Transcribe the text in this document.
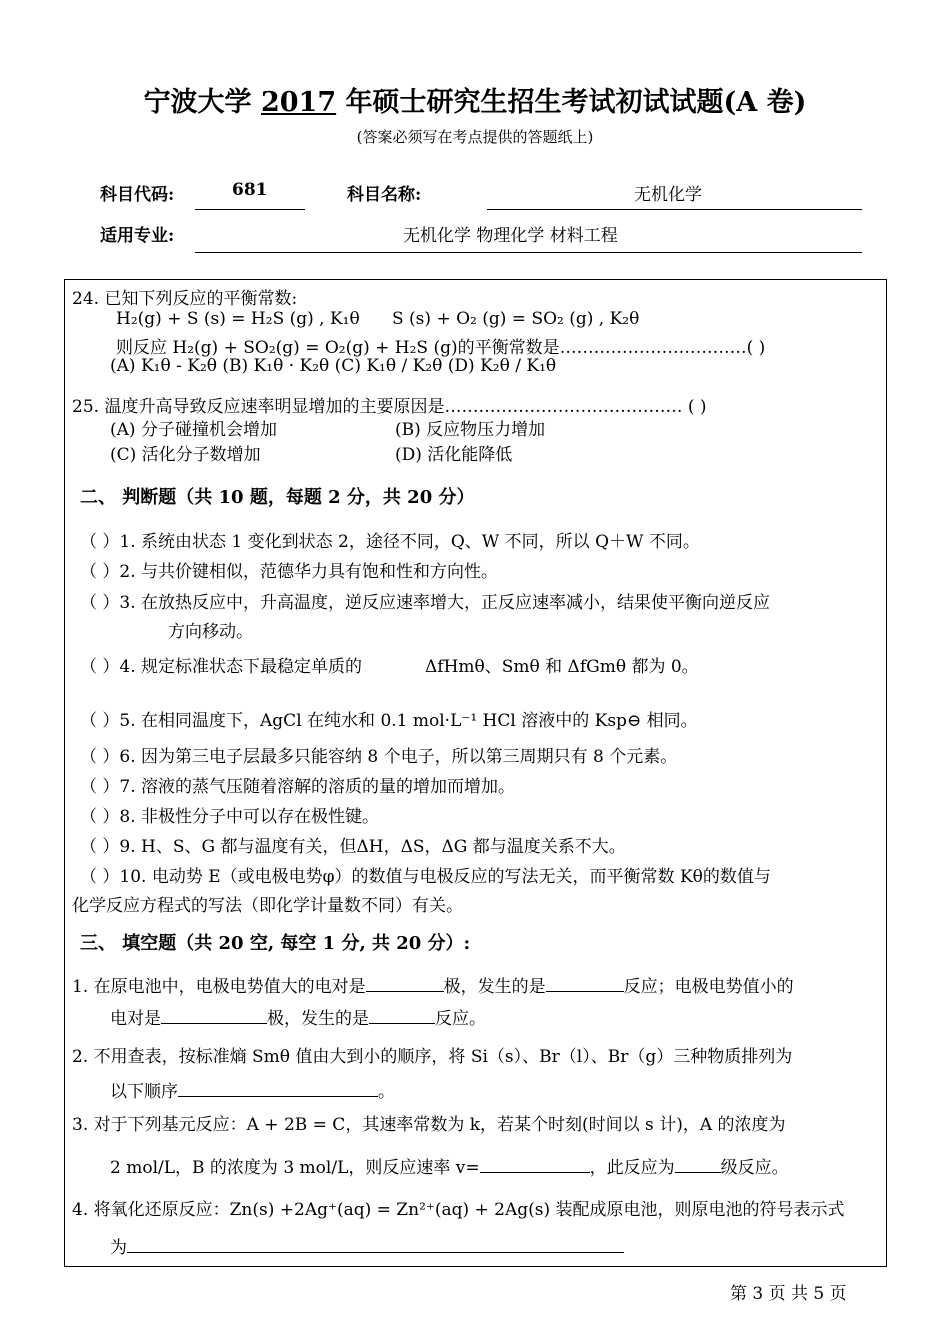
宁波大学 2017 年硕士研究生招生考试初试试题(A 卷)
(答案必须写在考点提供的答题纸上)
科目代码:	681	科目名称:	无机化学
适用专业:	无机化学 物理化学 材料工程
24. 已知下列反应的平衡常数:
H₂(g) + S (s) = H₂S (g) , K₁θ S (s) + O₂ (g) = SO₂ (g) , K₂θ
则反应 H₂(g) + SO₂(g) = O₂(g) + H₂S (g)的平衡常数是……………………………( )
(A) K₁θ - K₂θ (B) K₁θ · K₂θ (C) K₁θ / K₂θ (D) K₂θ / K₁θ
25. 温度升高导致反应速率明显增加的主要原因是…………………………………… ( )
(A) 分子碰撞机会增加	(B) 反应物压力增加
(C) 活化分子数增加	(D) 活化能降低
二、 判断题（共 10 题，每题 2 分，共 20 分）
（ ）1. 系统由状态 1 变化到状态 2，途径不同，Q、W 不同，所以 Q＋W 不同。
（ ）2. 与共价键相似，范德华力具有饱和性和方向性。
（ ）3. 在放热反应中，升高温度，逆反应速率增大，正反应速率减小，结果使平衡向逆反应
方向移动。
（ ）4. 规定标准状态下最稳定单质的	ΔfHmθ、Smθ 和 ΔfGmθ 都为 0。
（ ）5. 在相同温度下，AgCl 在纯水和 0.1 mol·L⁻¹ HCl 溶液中的 Ksp⊖ 相同。
（ ）6. 因为第三电子层最多只能容纳 8 个电子，所以第三周期只有 8 个元素。
（ ）7. 溶液的蒸气压随着溶解的溶质的量的增加而增加。
（ ）8. 非极性分子中可以存在极性键。
（ ）9. H、S、G 都与温度有关，但ΔH，ΔS，ΔG 都与温度关系不大。
（ ）10. 电动势 E（或电极电势φ）的数值与电极反应的写法无关，而平衡常数 Kθ的数值与
化学反应方程式的写法（即化学计量数不同）有关。
三、 填空题（共 20 空, 每空 1 分, 共 20 分）:
1. 在原电池中，电极电势值大的电对是	极，发生的是	反应；电极电势值小的
电对是	极，发生的是	反应。
2. 不用查表，按标准熵 Smθ 值由大到小的顺序，将 Si（s）、Br（l）、Br（g）三种物质排列为
以下顺序	。
3. 对于下列基元反应：A + 2B = C，其速率常数为 k，若某个时刻(时间以 s 计)，A 的浓度为
2 mol/L，B 的浓度为 3 mol/L，则反应速率 v=	，此反应为	级反应。
4. 将氧化还原反应：Zn(s) +2Ag⁺(aq) = Zn²⁺(aq) + 2Ag(s) 装配成原电池，则原电池的符号表示式
为
第 3 页 共 5 页
